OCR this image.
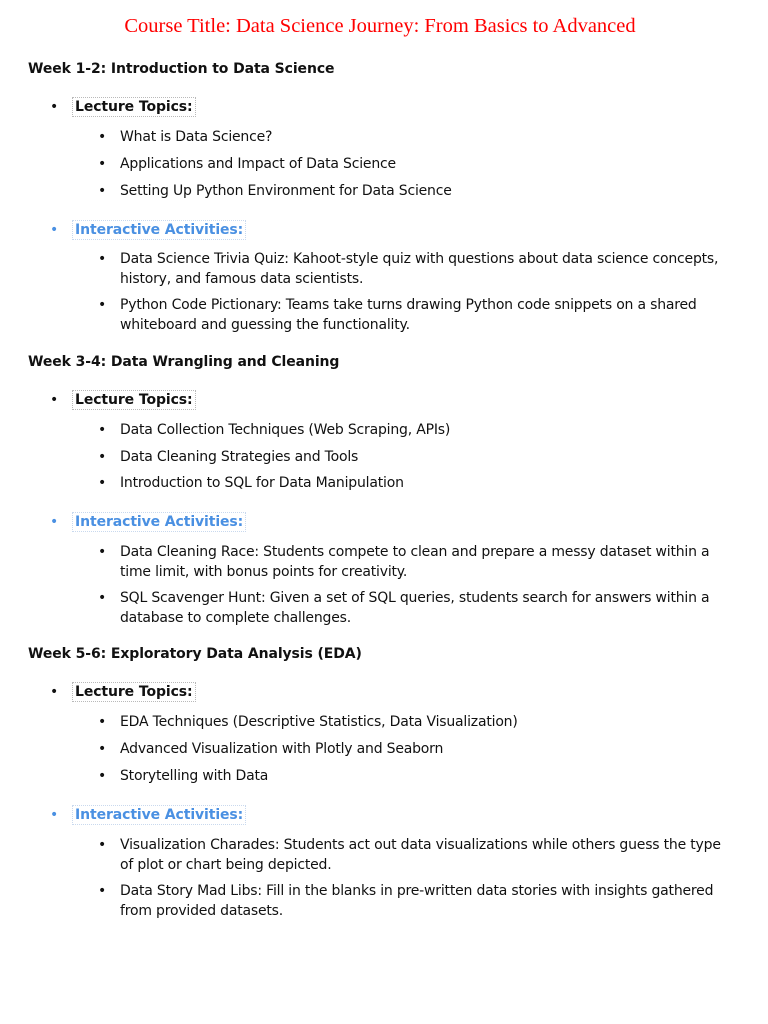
Course Title: Data Science Journey: From Basics to Advanced
Week 1-2: Introduction to Data Science
• Lecture Topics:
• What is Data Science?
• Applications and Impact of Data Science
• Setting Up Python Environment for Data Science
• Interactive Activities:
• Data Science Trivia Quiz: Kahoot-style quiz with questions about data science concepts, history, and famous data scientists.
• Python Code Pictionary: Teams take turns drawing Python code snippets on a shared whiteboard and guessing the functionality.
Week 3-4: Data Wrangling and Cleaning
• Lecture Topics:
• Data Collection Techniques (Web Scraping, APIs)
• Data Cleaning Strategies and Tools
• Introduction to SQL for Data Manipulation
• Interactive Activities:
• Data Cleaning Race: Students compete to clean and prepare a messy dataset within a time limit, with bonus points for creativity.
• SQL Scavenger Hunt: Given a set of SQL queries, students search for answers within a database to complete challenges.
Week 5-6: Exploratory Data Analysis (EDA)
• Lecture Topics:
• EDA Techniques (Descriptive Statistics, Data Visualization)
• Advanced Visualization with Plotly and Seaborn
• Storytelling with Data
• Interactive Activities:
• Visualization Charades: Students act out data visualizations while others guess the type of plot or chart being depicted.
• Data Story Mad Libs: Fill in the blanks in pre-written data stories with insights gathered from provided datasets.
